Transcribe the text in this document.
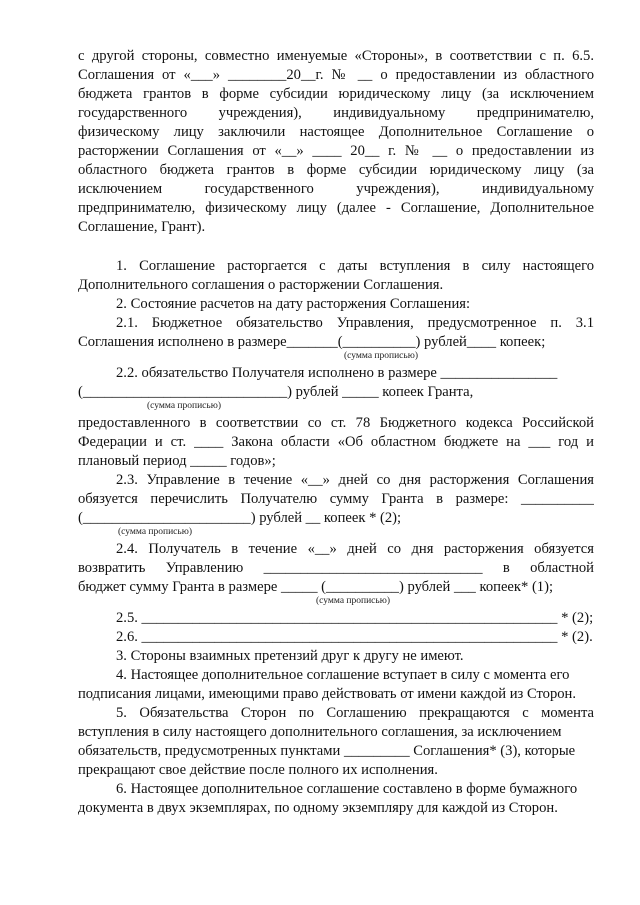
с другой стороны, совместно именуемые «Стороны», в соответствии с п. 6.5.
Соглашения от «___» ________20__г. № __ о предоставлении из областного
бюджета грантов в форме субсидии юридическому лицу (за исключением
государственного учреждения), индивидуальному предпринимателю,
физическому лицу заключили настоящее Дополнительное Соглашение о
расторжении Соглашения от «__» ____ 20__ г. № __ о предоставлении из
областного бюджета грантов в форме субсидии юридическому лицу (за
исключением государственного учреждения), индивидуальному
предпринимателю, физическому лицу (далее - Соглашение, Дополнительное
Соглашение, Грант).
1. Соглашение расторгается с даты вступления в силу настоящего
Дополнительного соглашения о расторжении Соглашения.
2. Состояние расчетов на дату расторжения Соглашения:
2.1. Бюджетное обязательство Управления, предусмотренное п. 3.1
Соглашения исполнено в размере_______(__________) рублей____ копеек;
(сумма прописью)
2.2. обязательство Получателя исполнено в размере ________________
(____________________________) рублей _____ копеек Гранта,
(сумма прописью)
предоставленного в соответствии со ст. 78 Бюджетного кодекса Российской
Федерации и ст. ____ Закона области «Об областном бюджете на ___ год и
плановый период _____ годов»;
2.3. Управление в течение «__» дней со дня расторжения Соглашения
обязуется перечислить Получателю сумму Гранта в размере: __________
(_______________________) рублей __ копеек * (2);
(сумма прописью)
2.4. Получатель в течение «__» дней со дня расторжения обязуется
возвратить Управлению ______________________________ в областной
бюджет сумму Гранта в размере _____ (__________) рублей ___ копеек* (1);
(сумма прописью)
2.5. _________________________________________________________ * (2);
2.6. _________________________________________________________ * (2).
3. Стороны взаимных претензий друг к другу не имеют.
4. Настоящее дополнительное соглашение вступает в силу с момента его
подписания лицами, имеющими право действовать от имени каждой из Сторон.
5. Обязательства Сторон по Соглашению прекращаются с момента
вступления в силу настоящего дополнительного соглашения, за исключением
обязательств, предусмотренных пунктами _________ Соглашения* (3), которые
прекращают свое действие после полного их исполнения.
6. Настоящее дополнительное соглашение составлено в форме бумажного
документа в двух экземплярах, по одному экземпляру для каждой из Сторон.
